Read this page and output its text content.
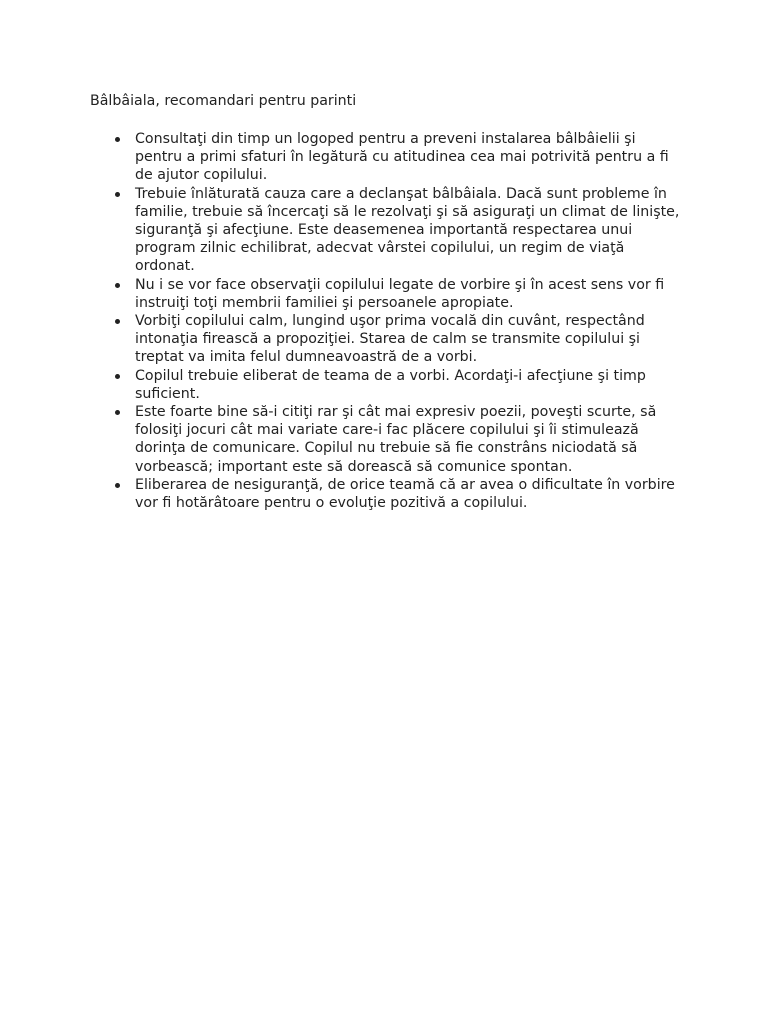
Bâlbâiala, recomandari pentru parinti
Consultaţi din timp un logoped pentru a preveni instalarea bâlbâielii şi pentru a primi sfaturi în legătură cu atitudinea cea mai potrivită pentru a fi de ajutor copilului.
Trebuie înlăturată cauza care a declanşat bâlbâiala. Dacă sunt probleme în familie, trebuie să încercaţi să le rezolvaţi şi să asiguraţi un climat de linişte, siguranţă şi afecţiune. Este deasemenea importantă respectarea unui program zilnic echilibrat, adecvat vârstei copilului, un regim de viaţă ordonat.
Nu i se vor face observaţii copilului legate de vorbire şi în acest sens vor fi instruiţi toţi membrii familiei şi persoanele apropiate.
Vorbiţi copilului calm, lungind uşor prima vocală din cuvânt, respectând intonaţia firească a propoziţiei. Starea de calm se transmite copilului şi treptat va imita felul dumneavoastră de a vorbi.
Copilul trebuie eliberat de teama de a vorbi. Acordaţi-i afecţiune şi timp suficient.
Este foarte bine să-i citiţi rar şi cât mai expresiv poezii, poveşti scurte, să folosiţi jocuri cât mai variate care-i fac plăcere copilului şi îi stimulează dorinţa de comunicare. Copilul nu trebuie să fie constrâns niciodată să vorbească; important este să dorească să comunice spontan.
Eliberarea de nesiguranţă, de orice teamă că ar avea o dificultate în vorbire vor fi hotărâtoare pentru o evoluţie pozitivă a copilului.
